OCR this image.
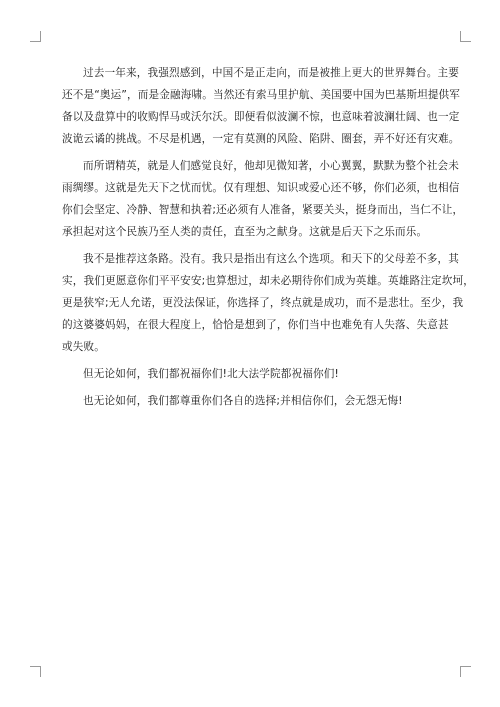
过去一年来，我强烈感到，中国不是正走向，而是被推上更大的世界舞台。主要
还不是“奥运”，而是金融海啸。当然还有索马里护航、美国要中国为巴基斯坦提供军
备以及盘算中的收购悍马或沃尔沃。即便看似波澜不惊，也意味着波澜壮阔、也一定
波诡云谲的挑战。不尽是机遇，一定有莫测的风险、陷阱、圈套，弄不好还有灾难。

而所谓精英，就是人们感觉良好，他却见微知著，小心翼翼，默默为整个社会未
雨绸缪。这就是先天下之忧而忧。仅有理想、知识或爱心还不够，你们必须，也相信
你们会坚定、冷静、智慧和执着;还必须有人准备，紧要关头，挺身而出，当仁不让，
承担起对这个民族乃至人类的责任，直至为之献身。这就是后天下之乐而乐。

我不是推荐这条路。没有。我只是指出有这么个选项。和天下的父母差不多，其
实，我们更愿意你们平平安安;也算想过，却未必期待你们成为英雄。英雄路注定坎坷，
更是狭窄;无人允诺，更没法保证，你选择了，终点就是成功，而不是悲壮。至少，我
的这婆婆妈妈，在很大程度上，恰恰是想到了，你们当中也难免有人失落、失意甚
或失败。

但无论如何，我们都祝福你们!北大法学院都祝福你们!

也无论如何，我们都尊重你们各自的选择;并相信你们，会无怨无悔!
